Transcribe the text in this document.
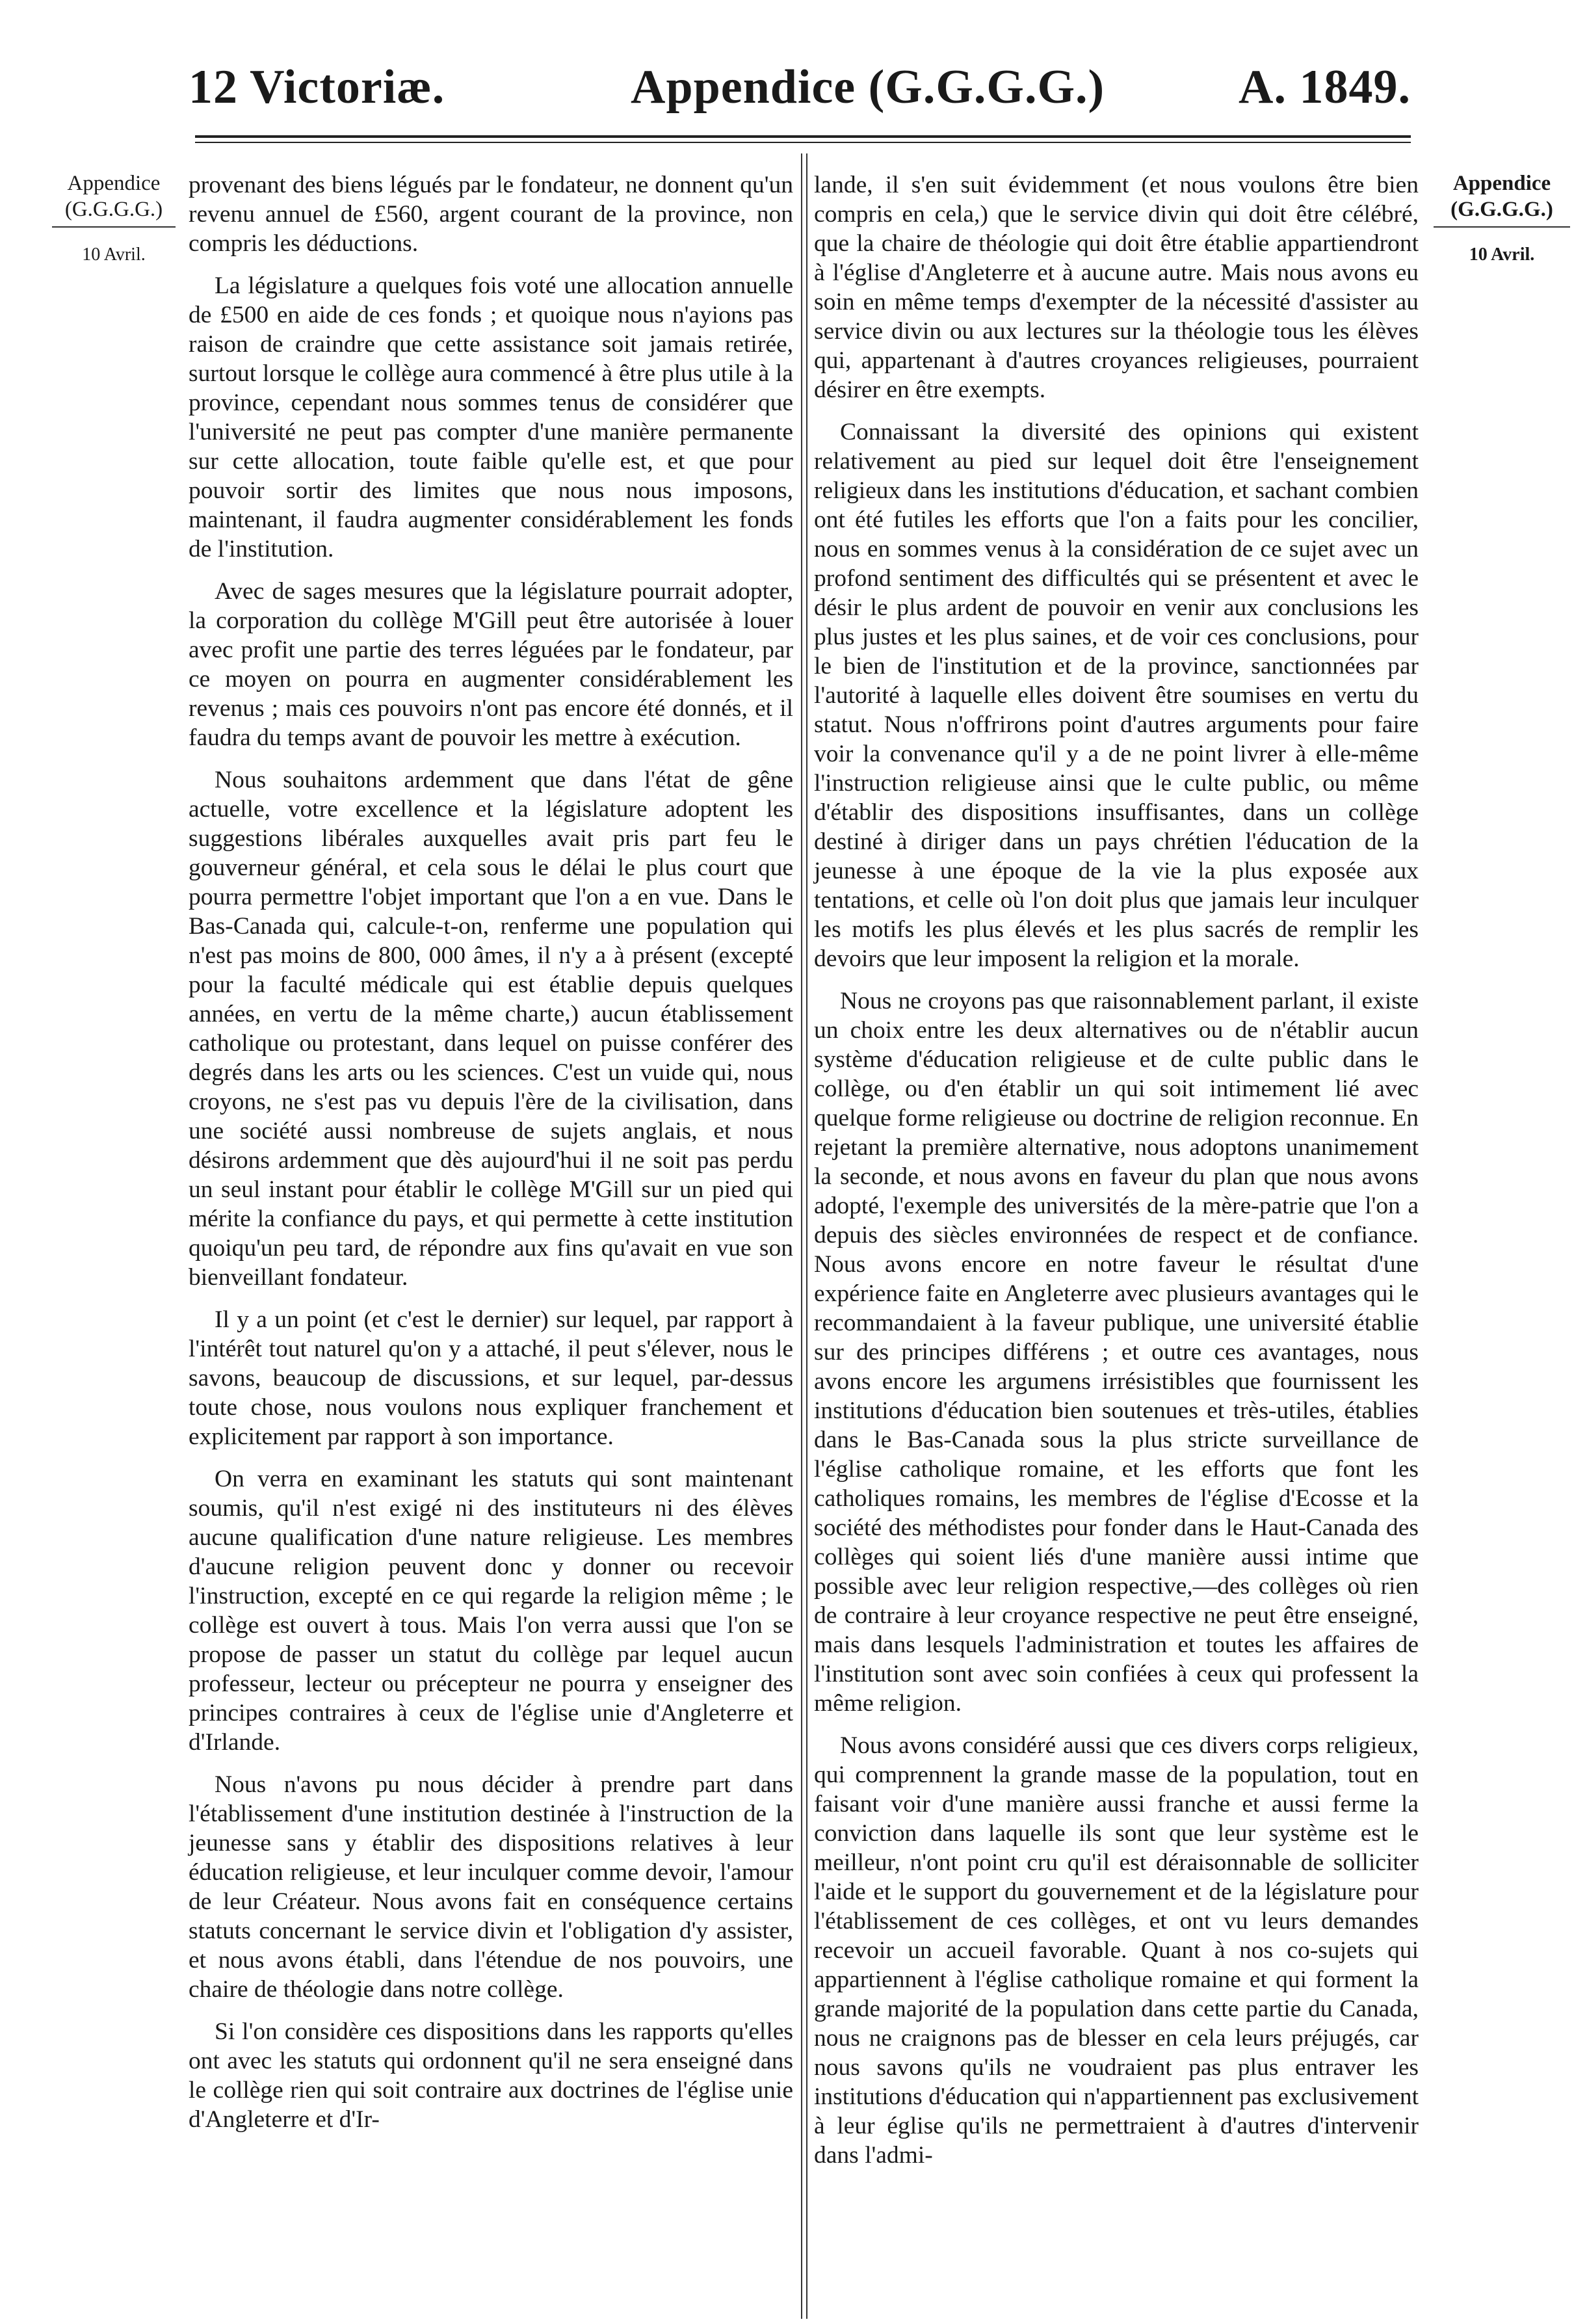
12 Victoriæ.	Appendice (G.G.G.G.)	A. 1849.
Appendice
(G.G.G.G.)
10 Avril.
Appendice
(G.G.G.G.)
10 Avril.

provenant des biens légués par le fondateur, ne donnent qu'un revenu annuel de £560, argent courant de la province, non compris les déductions.

La législature a quelques fois voté une allocation annuelle de £500 en aide de ces fonds ; et quoique nous n'ayions pas raison de craindre que cette assistance soit jamais retirée, surtout lorsque le collège aura commencé à être plus utile à la province, cependant nous sommes tenus de considérer que l'université ne peut pas compter d'une manière permanente sur cette allocation, toute faible qu'elle est, et que pour pouvoir sortir des limites que nous nous imposons, maintenant, il faudra augmenter considérablement les fonds de l'institution.

Avec de sages mesures que la législature pourrait adopter, la corporation du collège M'Gill peut être autorisée à louer avec profit une partie des terres léguées par le fondateur, par ce moyen on pourra en augmenter considérablement les revenus ; mais ces pouvoirs n'ont pas encore été donnés, et il faudra du temps avant de pouvoir les mettre à exécution.

Nous souhaitons ardemment que dans l'état de gêne actuelle, votre excellence et la législature adoptent les suggestions libérales auxquelles avait pris part feu le gouverneur général, et cela sous le délai le plus court que pourra permettre l'objet important que l'on a en vue. Dans le Bas-Canada qui, calcule-t-on, renferme une population qui n'est pas moins de 800, 000 âmes, il n'y a à présent (excepté pour la faculté médicale qui est établie depuis quelques années, en vertu de la même charte,) aucun établissement catholique ou protestant, dans lequel on puisse conférer des degrés dans les arts ou les sciences. C'est un vuide qui, nous croyons, ne s'est pas vu depuis l'ère de la civilisation, dans une société aussi nombreuse de sujets anglais, et nous désirons ardemment que dès aujourd'hui il ne soit pas perdu un seul instant pour établir le collège M'Gill sur un pied qui mérite la confiance du pays, et qui permette à cette institution quoiqu'un peu tard, de répondre aux fins qu'avait en vue son bienveillant fondateur.

Il y a un point (et c'est le dernier) sur lequel, par rapport à l'intérêt tout naturel qu'on y a attaché, il peut s'élever, nous le savons, beaucoup de discussions, et sur lequel, par-dessus toute chose, nous voulons nous expliquer franchement et explicitement par rapport à son importance.

On verra en examinant les statuts qui sont maintenant soumis, qu'il n'est exigé ni des instituteurs ni des élèves aucune qualification d'une nature religieuse. Les membres d'aucune religion peuvent donc y donner ou recevoir l'instruction, excepté en ce qui regarde la religion même ; le collège est ouvert à tous. Mais l'on verra aussi que l'on se propose de passer un statut du collège par lequel aucun professeur, lecteur ou précepteur ne pourra y enseigner des principes contraires à ceux de l'église unie d'Angleterre et d'Irlande.

Nous n'avons pu nous décider à prendre part dans l'établissement d'une institution destinée à l'instruction de la jeunesse sans y établir des dispositions relatives à leur éducation religieuse, et leur inculquer comme devoir, l'amour de leur Créateur. Nous avons fait en conséquence certains statuts concernant le service divin et l'obligation d'y assister, et nous avons établi, dans l'étendue de nos pouvoirs, une chaire de théologie dans notre collège.

Si l'on considère ces dispositions dans les rapports qu'elles ont avec les statuts qui ordonnent qu'il ne sera enseigné dans le collège rien qui soit contraire aux doctrines de l'église unie d'Angleterre et d'Ir-

lande, il s'en suit évidemment (et nous voulons être bien compris en cela,) que le service divin qui doit être célébré, que la chaire de théologie qui doit être établie appartiendront à l'église d'Angleterre et à aucune autre. Mais nous avons eu soin en même temps d'exempter de la nécessité d'assister au service divin ou aux lectures sur la théologie tous les élèves qui, appartenant à d'autres croyances religieuses, pourraient désirer en être exempts.

Connaissant la diversité des opinions qui existent relativement au pied sur lequel doit être l'enseignement religieux dans les institutions d'éducation, et sachant combien ont été futiles les efforts que l'on a faits pour les concilier, nous en sommes venus à la considération de ce sujet avec un profond sentiment des difficultés qui se présentent et avec le désir le plus ardent de pouvoir en venir aux conclusions les plus justes et les plus saines, et de voir ces conclusions, pour le bien de l'institution et de la province, sanctionnées par l'autorité à laquelle elles doivent être soumises en vertu du statut. Nous n'offrirons point d'autres arguments pour faire voir la convenance qu'il y a de ne point livrer à elle-même l'instruction religieuse ainsi que le culte public, ou même d'établir des dispositions insuffisantes, dans un collège destiné à diriger dans un pays chrétien l'éducation de la jeunesse à une époque de la vie la plus exposée aux tentations, et celle où l'on doit plus que jamais leur inculquer les motifs les plus élevés et les plus sacrés de remplir les devoirs que leur imposent la religion et la morale.

Nous ne croyons pas que raisonnablement parlant, il existe un choix entre les deux alternatives ou de n'établir aucun système d'éducation religieuse et de culte public dans le collège, ou d'en établir un qui soit intimement lié avec quelque forme religieuse ou doctrine de religion reconnue. En rejetant la première alternative, nous adoptons unanimement la seconde, et nous avons en faveur du plan que nous avons adopté, l'exemple des universités de la mère-patrie que l'on a depuis des siècles environnées de respect et de confiance. Nous avons encore en notre faveur le résultat d'une expérience faite en Angleterre avec plusieurs avantages qui le recommandaient à la faveur publique, une université établie sur des principes différens ; et outre ces avantages, nous avons encore les argumens irrésistibles que fournissent les institutions d'éducation bien soutenues et très-utiles, établies dans le Bas-Canada sous la plus stricte surveillance de l'église catholique romaine, et les efforts que font les catholiques romains, les membres de l'église d'Ecosse et la société des méthodistes pour fonder dans le Haut-Canada des collèges qui soient liés d'une manière aussi intime que possible avec leur religion respective,—des collèges où rien de contraire à leur croyance respective ne peut être enseigné, mais dans lesquels l'administration et toutes les affaires de l'institution sont avec soin confiées à ceux qui professent la même religion.

Nous avons considéré aussi que ces divers corps religieux, qui comprennent la grande masse de la population, tout en faisant voir d'une manière aussi franche et aussi ferme la conviction dans laquelle ils sont que leur système est le meilleur, n'ont point cru qu'il est déraisonnable de solliciter l'aide et le support du gouvernement et de la législature pour l'établissement de ces collèges, et ont vu leurs demandes recevoir un accueil favorable. Quant à nos co-sujets qui appartiennent à l'église catholique romaine et qui forment la grande majorité de la population dans cette partie du Canada, nous ne craignons pas de blesser en cela leurs préjugés, car nous savons qu'ils ne voudraient pas plus entraver les institutions d'éducation qui n'appartiennent pas exclusivement à leur église qu'ils ne permettraient à d'autres d'intervenir dans l'admi-
